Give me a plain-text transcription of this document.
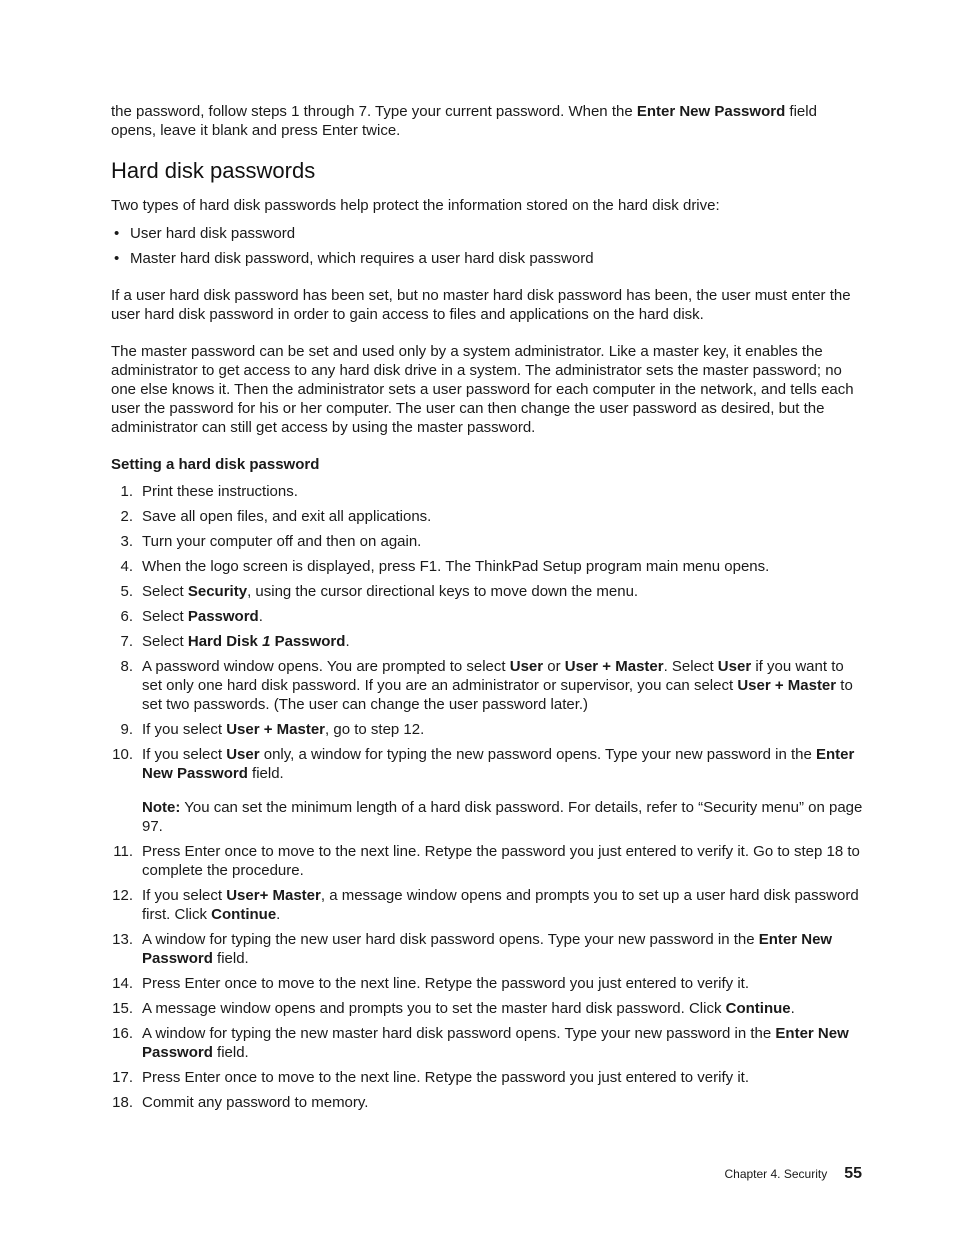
the password, follow steps 1 through 7. Type your current password. When the Enter New Password field opens, leave it blank and press Enter twice.

Hard disk passwords

Two types of hard disk passwords help protect the information stored on the hard disk drive:

• User hard disk password
• Master hard disk password, which requires a user hard disk password

If a user hard disk password has been set, but no master hard disk password has been, the user must enter the user hard disk password in order to gain access to files and applications on the hard disk.

The master password can be set and used only by a system administrator. Like a master key, it enables the administrator to get access to any hard disk drive in a system. The administrator sets the master password; no one else knows it. Then the administrator sets a user password for each computer in the network, and tells each user the password for his or her computer. The user can then change the user password as desired, but the administrator can still get access by using the master password.

Setting a hard disk password
1. Print these instructions.
2. Save all open files, and exit all applications.
3. Turn your computer off and then on again.
4. When the logo screen is displayed, press F1. The ThinkPad Setup program main menu opens.
5. Select Security, using the cursor directional keys to move down the menu.
6. Select Password.
7. Select Hard Disk 1 Password.
8. A password window opens. You are prompted to select User or User + Master. Select User if you want to set only one hard disk password. If you are an administrator or supervisor, you can select User + Master to set two passwords. (The user can change the user password later.)
9. If you select User + Master, go to step 12.
10. If you select User only, a window for typing the new password opens. Type your new password in the Enter New Password field.

Note: You can set the minimum length of a hard disk password. For details, refer to “Security menu” on page 97.

11. Press Enter once to move to the next line. Retype the password you just entered to verify it. Go to step 18 to complete the procedure.
12. If you select User+ Master, a message window opens and prompts you to set up a user hard disk password first. Click Continue.
13. A window for typing the new user hard disk password opens. Type your new password in the Enter New Password field.
14. Press Enter once to move to the next line. Retype the password you just entered to verify it.
15. A message window opens and prompts you to set the master hard disk password. Click Continue.
16. A window for typing the new master hard disk password opens. Type your new password in the Enter New Password field.
17. Press Enter once to move to the next line. Retype the password you just entered to verify it.
18. Commit any password to memory.
Chapter 4. Security 55
